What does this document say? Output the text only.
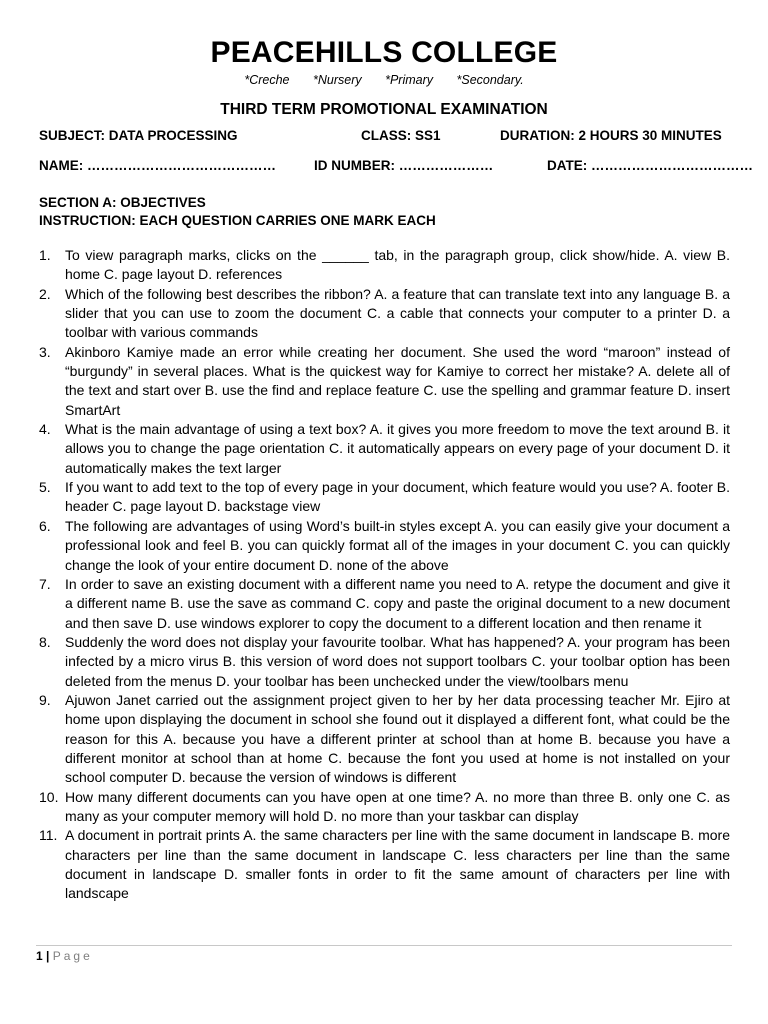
PEACEHILLS COLLEGE
*Creche *Nursery *Primary *Secondary.
THIRD TERM PROMOTIONAL EXAMINATION
SUBJECT: DATA PROCESSING	CLASS: SS1	DURATION: 2 HOURS 30 MINUTES
NAME: ……………………………………	ID NUMBER: …………………	DATE: ………………………………
SECTION A: OBJECTIVES
INSTRUCTION: EACH QUESTION CARRIES ONE MARK EACH
1. To view paragraph marks, clicks on the ______ tab, in the paragraph group, click show/hide. A. view B. home C. page layout D. references
2. Which of the following best describes the ribbon? A. a feature that can translate text into any language B. a slider that you can use to zoom the document C. a cable that connects your computer to a printer D. a toolbar with various commands
3. Akinboro Kamiye made an error while creating her document. She used the word “maroon” instead of “burgundy” in several places. What is the quickest way for Kamiye to correct her mistake? A. delete all of the text and start over B. use the find and replace feature C. use the spelling and grammar feature D. insert SmartArt
4. What is the main advantage of using a text box? A. it gives you more freedom to move the text around B. it allows you to change the page orientation C. it automatically appears on every page of your document D. it automatically makes the text larger
5. If you want to add text to the top of every page in your document, which feature would you use? A. footer B. header C. page layout D. backstage view
6. The following are advantages of using Word’s built-in styles except A. you can easily give your document a professional look and feel B. you can quickly format all of the images in your document C. you can quickly change the look of your entire document D. none of the above
7. In order to save an existing document with a different name you need to A. retype the document and give it a different name B. use the save as command C. copy and paste the original document to a new document and then save D. use windows explorer to copy the document to a different location and then rename it
8. Suddenly the word does not display your favourite toolbar. What has happened? A. your program has been infected by a micro virus B. this version of word does not support toolbars C. your toolbar option has been deleted from the menus D. your toolbar has been unchecked under the view/toolbars menu
9. Ajuwon Janet carried out the assignment project given to her by her data processing teacher Mr. Ejiro at home upon displaying the document in school she found out it displayed a different font, what could be the reason for this A. because you have a different printer at school than at home B. because you have a different monitor at school than at home C. because the font you used at home is not installed on your school computer D. because the version of windows is different
10. How many different documents can you have open at one time? A. no more than three B. only one C. as many as your computer memory will hold D. no more than your taskbar can display
11. A document in portrait prints A. the same characters per line with the same document in landscape B. more characters per line than the same document in landscape C. less characters per line than the same document in landscape D. smaller fonts in order to fit the same amount of characters per line with landscape
1 | Page
